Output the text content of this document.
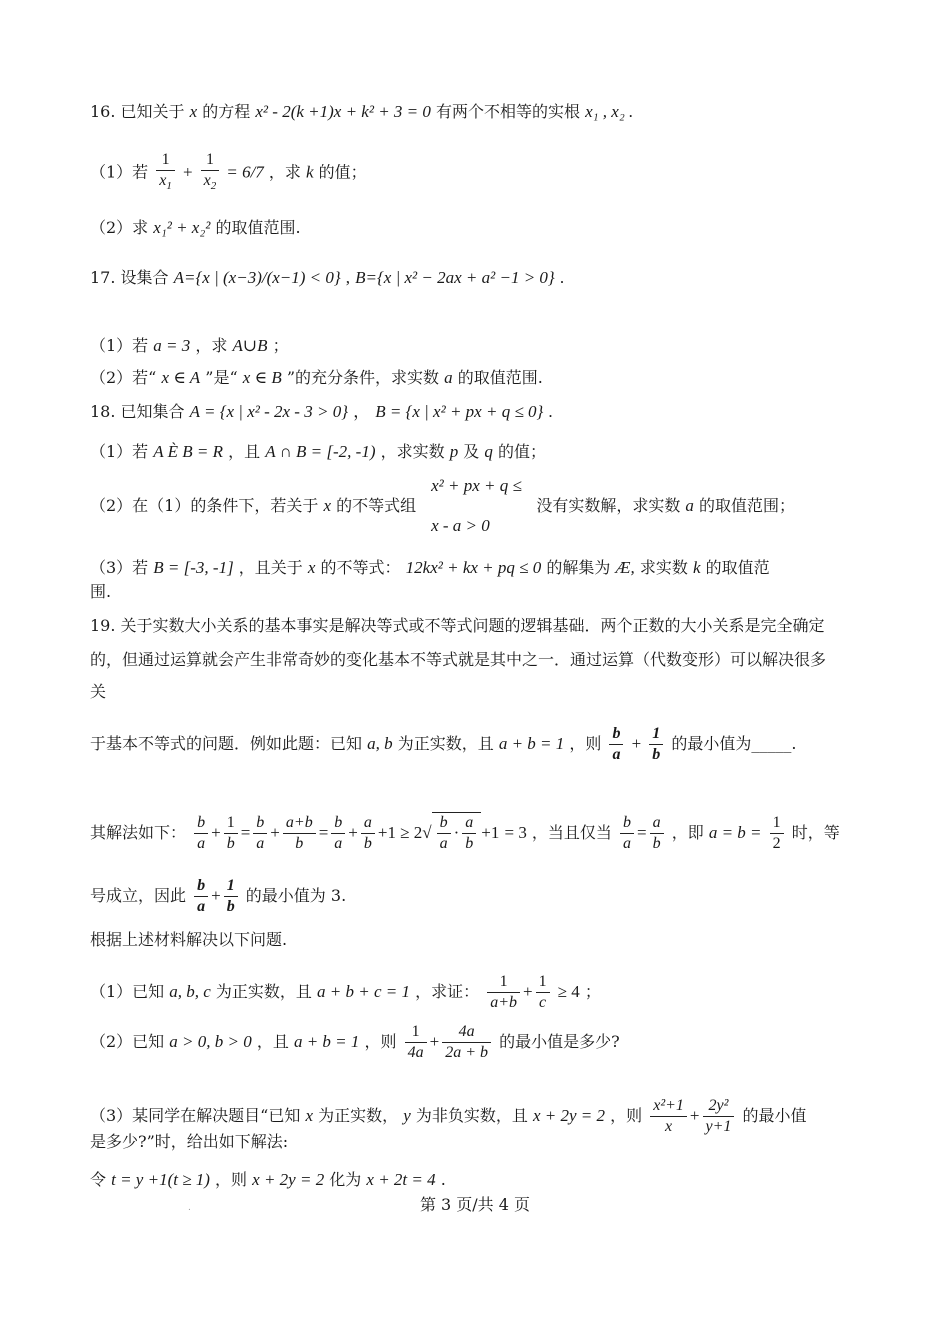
16. 已知关于 x 的方程 x² - 2(k +1)x + k² + 3 = 0 有两个不相等的实根 x₁ , x₂ .
（1）若 $\frac{1}{x_1} + \frac{1}{x_2} = 6/7$ ，求 k 的值；
（2）求 x₁² + x₂² 的取值范围.
17. 设集合 A={x | (x−3)/(x−1) < 0} , B={x | x² − 2ax + a² −1 > 0} .
（1）若 a = 3 ，求 A∪B ；
（2）若“ x ∈ A ”是“ x ∈ B ”的充分条件，求实数 a 的取值范围.
18. 已知集合 A = {x | x² - 2x - 3 > 0} ， B = {x | x² + px + q ≤ 0} .
（1）若 A È B = R ，且 A ∩ B = [-2, -1) ，求实数 p 及 q 的值；
x² + px + q ≤
（2）在（1）的条件下，若关于 x 的不等式组	没有实数解，求实数 a 的取值范围；
x - a > 0
（3）若 B = [-3, -1] ，且关于 x 的不等式： 12kx² + kx + pq ≤ 0 的解集为 Æ, 求实数 k 的取值范
围.
19. 关于实数大小关系的基本事实是解决等式或不等式问题的逻辑基础．两个正数的大小关系是完全确定
的，但通过运算就会产生非常奇妙的变化基本不等式就是其中之一．通过运算（代数变形）可以解决很多
关
于基本不等式的问题．例如此题：已知 a, b 为正实数，且 a + b = 1 ，则 $\frac{b}{a} + \frac{1}{b}$ 的最小值为_____.
其解法如下： $\frac{b}{a} + \frac{1}{b} = \frac{b}{a} + \frac{a+b}{b} = \frac{b}{a} + \frac{a}{b} +1 \ge 2√ \frac{b}{a} \cdot \frac{a}{b} +1 = 3$ ，当且仅当 $\frac{b}{a} = \frac{a}{b}$ ，即 $a = b = \frac{1}{2}$ 时，等
号成立，因此 $\frac{b}{a} + \frac{1}{b}$ 的最小值为 3.
根据上述材料解决以下问题.
（1）已知 a, b, c 为正实数，且 a + b + c = 1 ，求证： $\frac{1}{a+b} + \frac{1}{c} \ge 4$ ；
（2）已知 a > 0, b > 0 ，且 a + b = 1 ，则 $\frac{1}{4a} + \frac{4a}{2a + b}$ 的最小值是多少?
（3）某同学在解决题目“已知 x 为正实数， y 为非负实数，且 x + 2y = 2 ，则 $\frac{\text{x²+1}}{x} + \frac{\text{2y²}}{y+1}$ 的最小值
是多少?”时，给出如下解法:
令 t = y +1(t ≥ 1) ，则 x + 2y = 2 化为 x + 2t = 4 .
第 3 页/共 4 页
.
